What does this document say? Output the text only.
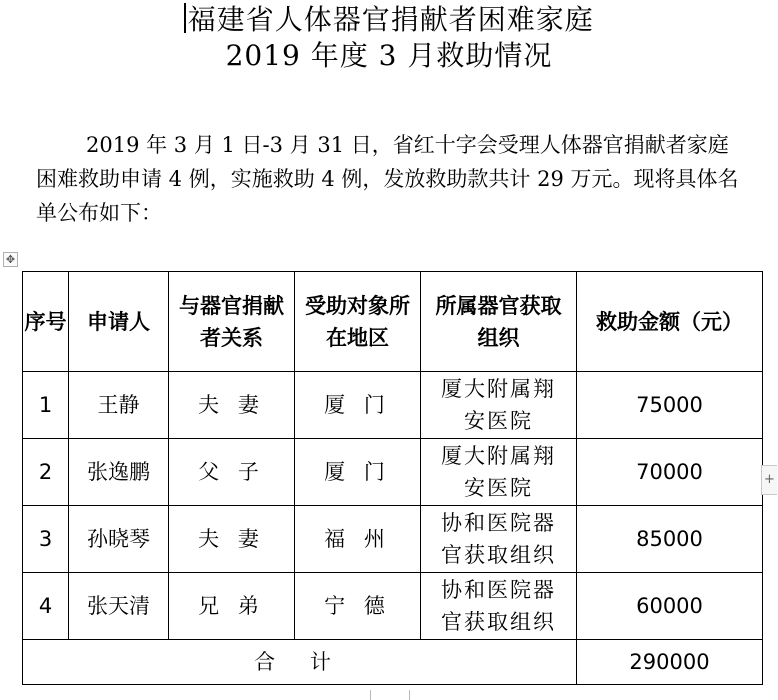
福建省人体器官捐献者困难家庭
2019 年度 3 月救助情况

2019 年 3 月 1 日-3 月 31 日，省红十字会受理人体器官捐献者家庭困难救助申请 4 例，实施救助 4 例，发放救助款共计 29 万元。现将具体名单公布如下：

✥
序号	申请人	与器官捐献者关系	受助对象所在地区	所属器官获取组织	救助金额（元）
1	王静	夫 妻	厦 门	厦大附属翔安医院	75000
2	张逸鹏	父 子	厦 门	厦大附属翔安医院	70000
3	孙晓琴	夫 妻	福 州	协和医院器官获取组织	85000
4	张天清	兄 弟	宁 德	协和医院器官获取组织	60000
合 计					290000
+
